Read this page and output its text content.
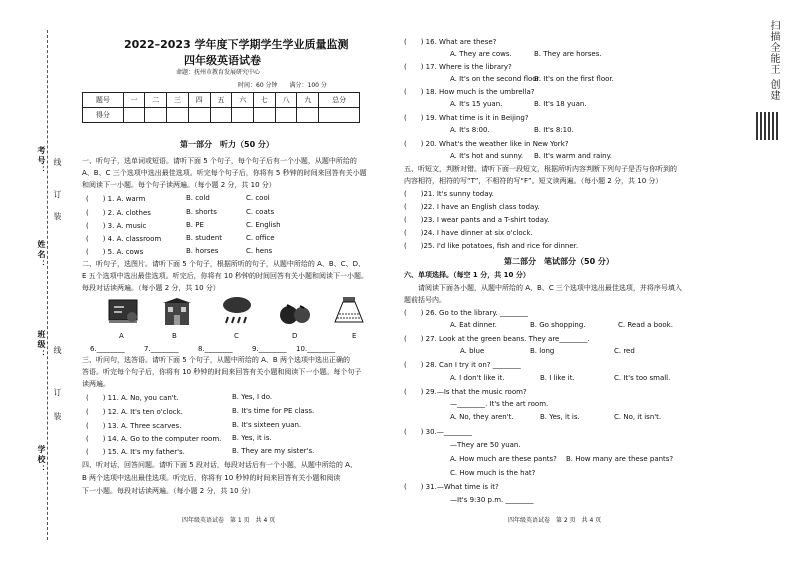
考号： 线
订
装
姓名：
班级： 线
订
装
学校：
2022–2023 学年度下学期学生学业质量监测
四年级英语试卷
命题：抚州市教育发展研究中心
时间：60 分钟　　满分：100 分
题号	一	二	三	四	五	六	七	八	九	总分
得分										
第一部分　听力（50 分）
一、听句子，选单词或短语。请听下面 5 个句子，每个句子后有一个小题，从题中所给的
A、B、C 三个选项中选出最佳选项。听完每个句子后，你将有 5 秒钟的时间来回答有关小题
和阅读下一小题。每个句子读两遍。（每小题 2 分，共 10 分）
(　　) 1. A. warm	B. cold	C. cool
(　　) 2. A. clothes	B. shorts	C. coats
(　　) 3. A. music	B. PE	C. English
(　　) 4. A. classroom	B. student	C. office
(　　) 5. A. cows	B. horses	C. hens
二、听句子，选图片。请听下面 5 个句子，根据所听的句子，从题中所给的 A、B、C、D、
E 五个选项中选出最佳选项。听完后，你将有 10 秒钟的时间回答有关小题和阅读下一小题。
每段对话读两遍。（每小题 2 分，共 10 分）
A	B	C	D	E
6.________	7.________	8.________	9.________ 10.________
三、听问句，选答语。请听下面 5 个句子，从题中所给的 A、B 两个选项中选出正确的
答语。听完每个句子后，你将有 10 秒钟的时间来回答有关小题和阅读下一小题。每个句子
读两遍。
(　　) 11. A. No, you can't.	B. Yes, I do.
(　　) 12. A. It's ten o'clock.	B. It's time for PE class.
(　　) 13. A. Three scarves.	B. It's sixteen yuan.
(　　) 14. A. Go to the computer room. B. Yes, it is.
(　　) 15. A. It's my father's.	B. They are my sister's.
四、听对话，回答问题。请听下面 5 段对话，每段对话后有一个小题，从题中所给的 A、
B 两个选项中选出最佳选项。听完后，你将有 10 秒钟的时间来回答有关小题和阅读
下一小题。每段对话读两遍。（每小题 2 分，共 10 分）
四年级英语试卷　第 1 页　共 4 页
(　　) 16. What are these?
A. They are cows.	B. They are horses.
(　　) 17. Where is the library?
A. It's on the second floor.
B. It's on the first floor.
(　　) 18. How much is the umbrella?
A. It's 15 yuan.	B. It's 18 yuan.
(　　) 19. What time is it in Beijing?
A. It's 8:00.	B. It's 8:10.
(　　) 20. What's the weather like in New York?
A. It's hot and sunny. B. It's warm and rainy.
五、听短文，判断对错。请听下面一段短文，根据所听内容判断下列句子是否与你听到的
内容相符，相符的写“T”，不相符的写“F”。短文读两遍。（每小题 2 分，共 10 分）
(　　)21. It's sunny today.
(　　)22. I have an English class today.
(　　)23. I wear pants and a T-shirt today.
(　　)24. I have dinner at six o'clock.
(　　)25. I'd like potatoes, fish and rice for dinner.
第二部分　笔试部分（50 分）
六、单项选择。（每空 1 分，共 10 分）
请阅读下面各小题，从题中所给的 A、B、C 三个选项中选出最佳选项，并将序号填入
题前括号内。
(　　) 26. Go to the library. ________
A. Eat dinner.	B. Go shopping.	C. Read a book.
(　　) 27. Look at the green beans. They are________.
A. blue	B. long	C. red
(　　) 28. Can I try it on? ________
A. I don't like it.	B. I like it.	C. It's too small.
(　　) 29.—Is that the music room?
—________. It's the art room.
A. No, they aren't.	B. Yes, it is.	C. No, it isn't.
(　　) 30.—________
—They are 50 yuan.
A. How much are these pants? B. How many are these pants?
C. How much is the hat?
(　　) 31.—What time is it?
—It's 9:30 p.m. ________
四年级英语试卷　第 2 页　共 4 页
扫描全能王 创建
